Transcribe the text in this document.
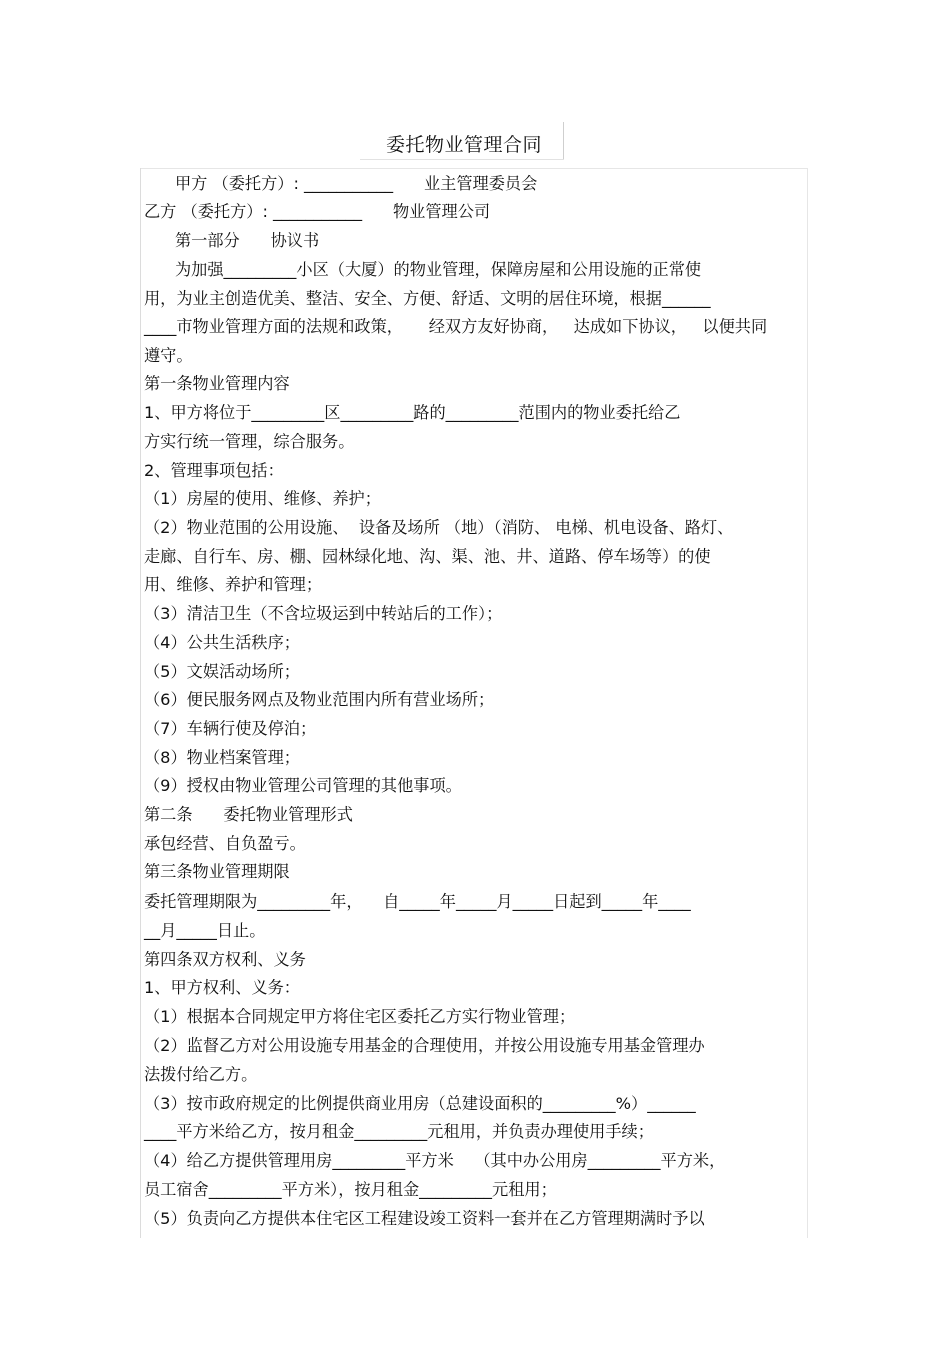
委托物业管理合同
甲方 （委托方）: ___________      业主管理委员会
乙方 （委托方）: ___________      物业管理公司
第一部分      协议书
为加强_________小区（大厦）的物业管理，保障房屋和公用设施的正常使
用，为业主创造优美、整洁、安全、方便、舒适、文明的居住环境，根据______
____市物业管理方面的法规和政策，     经双方友好协商，   达成如下协议，   以便共同
遵守。
第一条物业管理内容
1、甲方将位于_________区_________路的_________范围内的物业委托给乙
方实行统一管理，综合服务。
2、管理事项包括：
（1）房屋的使用、维修、养护；
（2）物业范围的公用设施、  设备及场所 （地）（消防、 电梯、机电设备、路灯、
走廊、自行车、房、棚、园林绿化地、沟、渠、池、井、道路、停车场等）的使
用、维修、养护和管理；
（3）清洁卫生（不含垃圾运到中转站后的工作）；
（4）公共生活秩序；
（5）文娱活动场所；
（6）便民服务网点及物业范围内所有营业场所；
（7）车辆行使及停泊；
（8）物业档案管理；
（9）授权由物业管理公司管理的其他事项。
第二条      委托物业管理形式
承包经营、自负盈亏。
第三条物业管理期限
委托管理期限为_________年，    自_____年_____月_____日起到_____年____
__月_____日止。
第四条双方权利、义务
1、甲方权利、义务：
（1）根据本合同规定甲方将住宅区委托乙方实行物业管理；
（2）监督乙方对公用设施专用基金的合理使用，并按公用设施专用基金管理办
法拨付给乙方。
（3）按市政府规定的比例提供商业用房（总建设面积的_________%）______
____平方米给乙方，按月租金_________元租用，并负责办理使用手续；
（4）给乙方提供管理用房_________平方米    （其中办公用房_________平方米，
员工宿舍_________平方米），按月租金_________元租用；
（5）负责向乙方提供本住宅区工程建设竣工资料一套并在乙方管理期满时予以
